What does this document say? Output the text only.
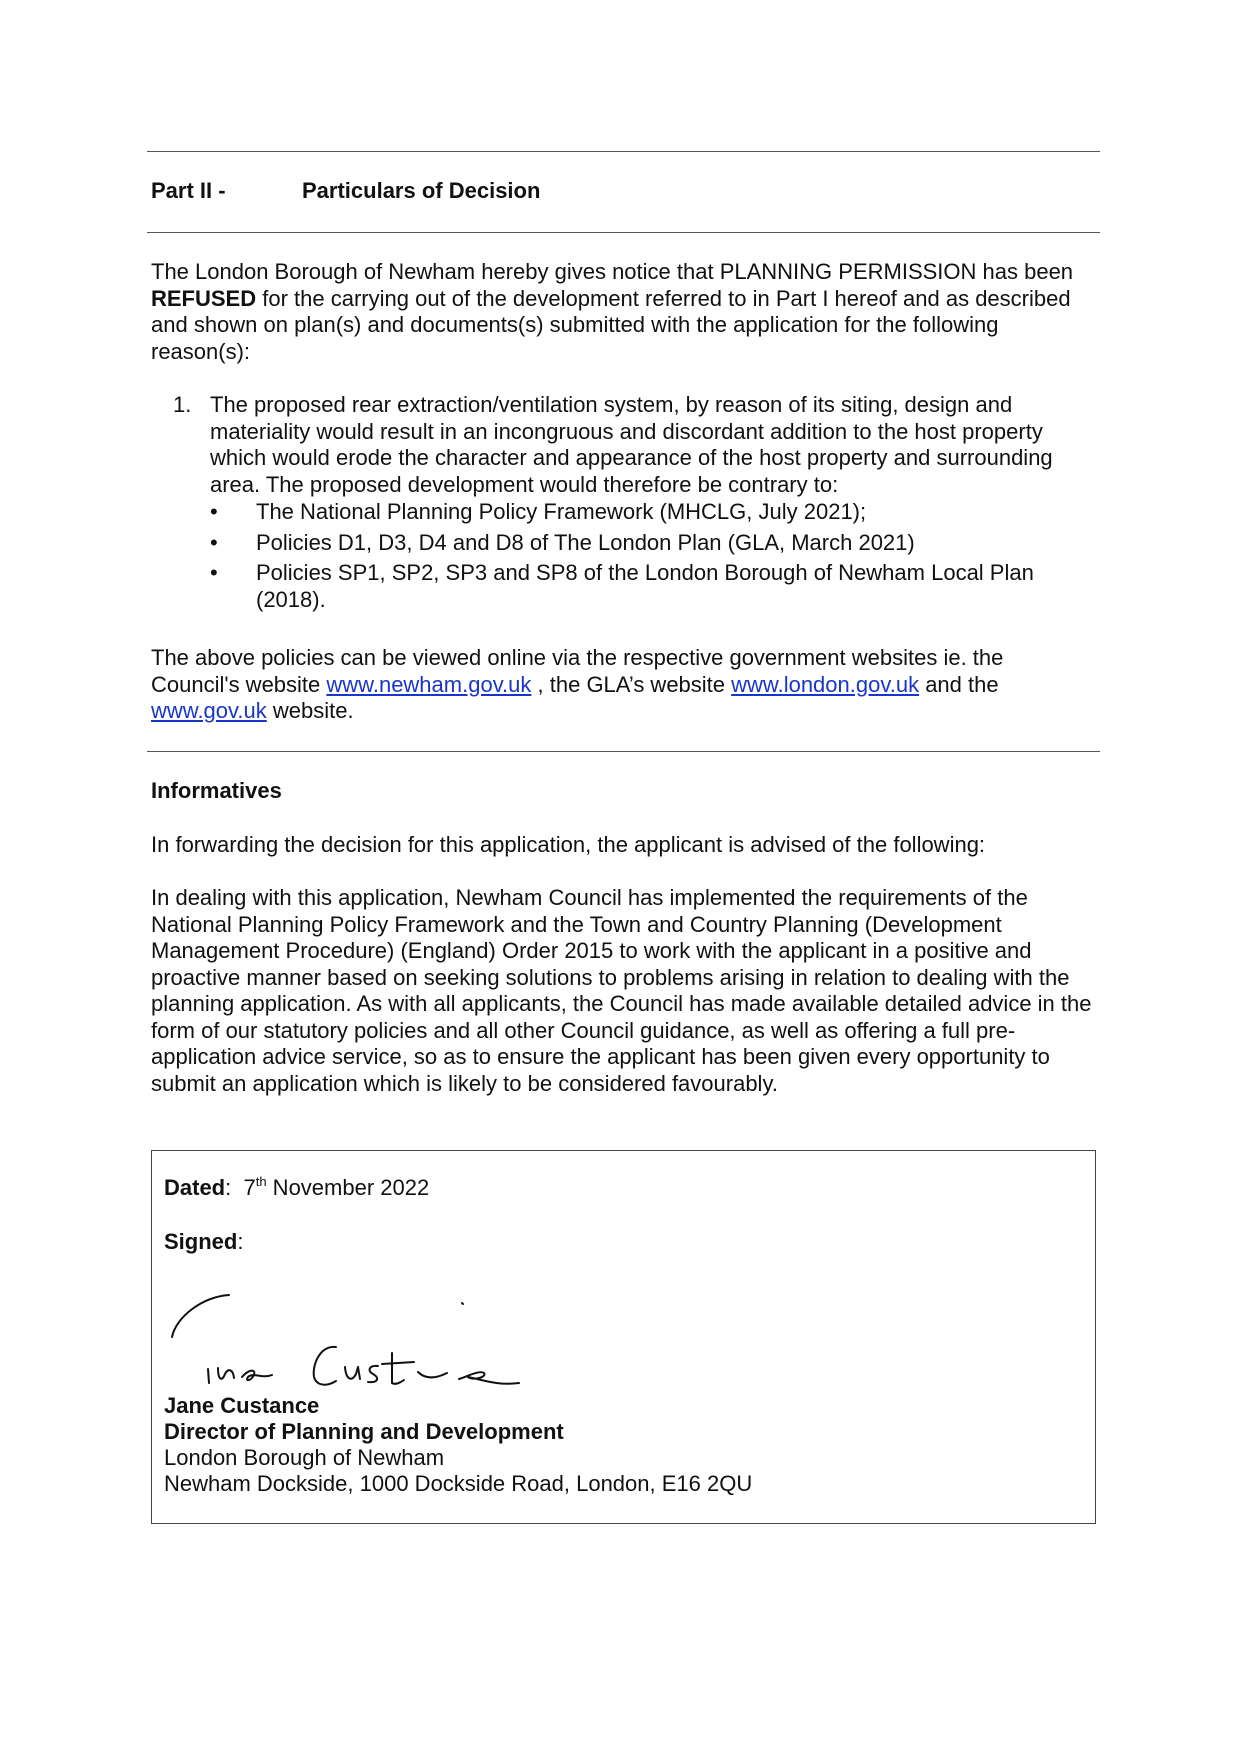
Part II -	Particulars of Decision

The London Borough of Newham hereby gives notice that PLANNING PERMISSION has been REFUSED for the carrying out of the development referred to in Part I hereof and as described and shown on plan(s) and documents(s) submitted with the application for the following reason(s):

1. The proposed rear extraction/ventilation system, by reason of its siting, design and materiality would result in an incongruous and discordant addition to the host property which would erode the character and appearance of the host property and surrounding area. The proposed development would therefore be contrary to:
• The National Planning Policy Framework (MHCLG, July 2021);
• Policies D1, D3, D4 and D8 of The London Plan (GLA, March 2021)
• Policies SP1, SP2, SP3 and SP8 of the London Borough of Newham Local Plan (2018).

The above policies can be viewed online via the respective government websites ie. the Council's website www.newham.gov.uk , the GLA’s website www.london.gov.uk and the www.gov.uk website.

Informatives

In forwarding the decision for this application, the applicant is advised of the following:

In dealing with this application, Newham Council has implemented the requirements of the National Planning Policy Framework and the Town and Country Planning (Development Management Procedure) (England) Order 2015 to work with the applicant in a positive and proactive manner based on seeking solutions to problems arising in relation to dealing with the planning application. As with all applicants, the Council has made available detailed advice in the form of our statutory policies and all other Council guidance, as well as offering a full pre-application advice service, so as to ensure the applicant has been given every opportunity to submit an application which is likely to be considered favourably.

Dated:  7th November 2022
Signed:
Jane Custance
Director of Planning and Development
London Borough of Newham
Newham Dockside, 1000 Dockside Road, London, E16 2QU
